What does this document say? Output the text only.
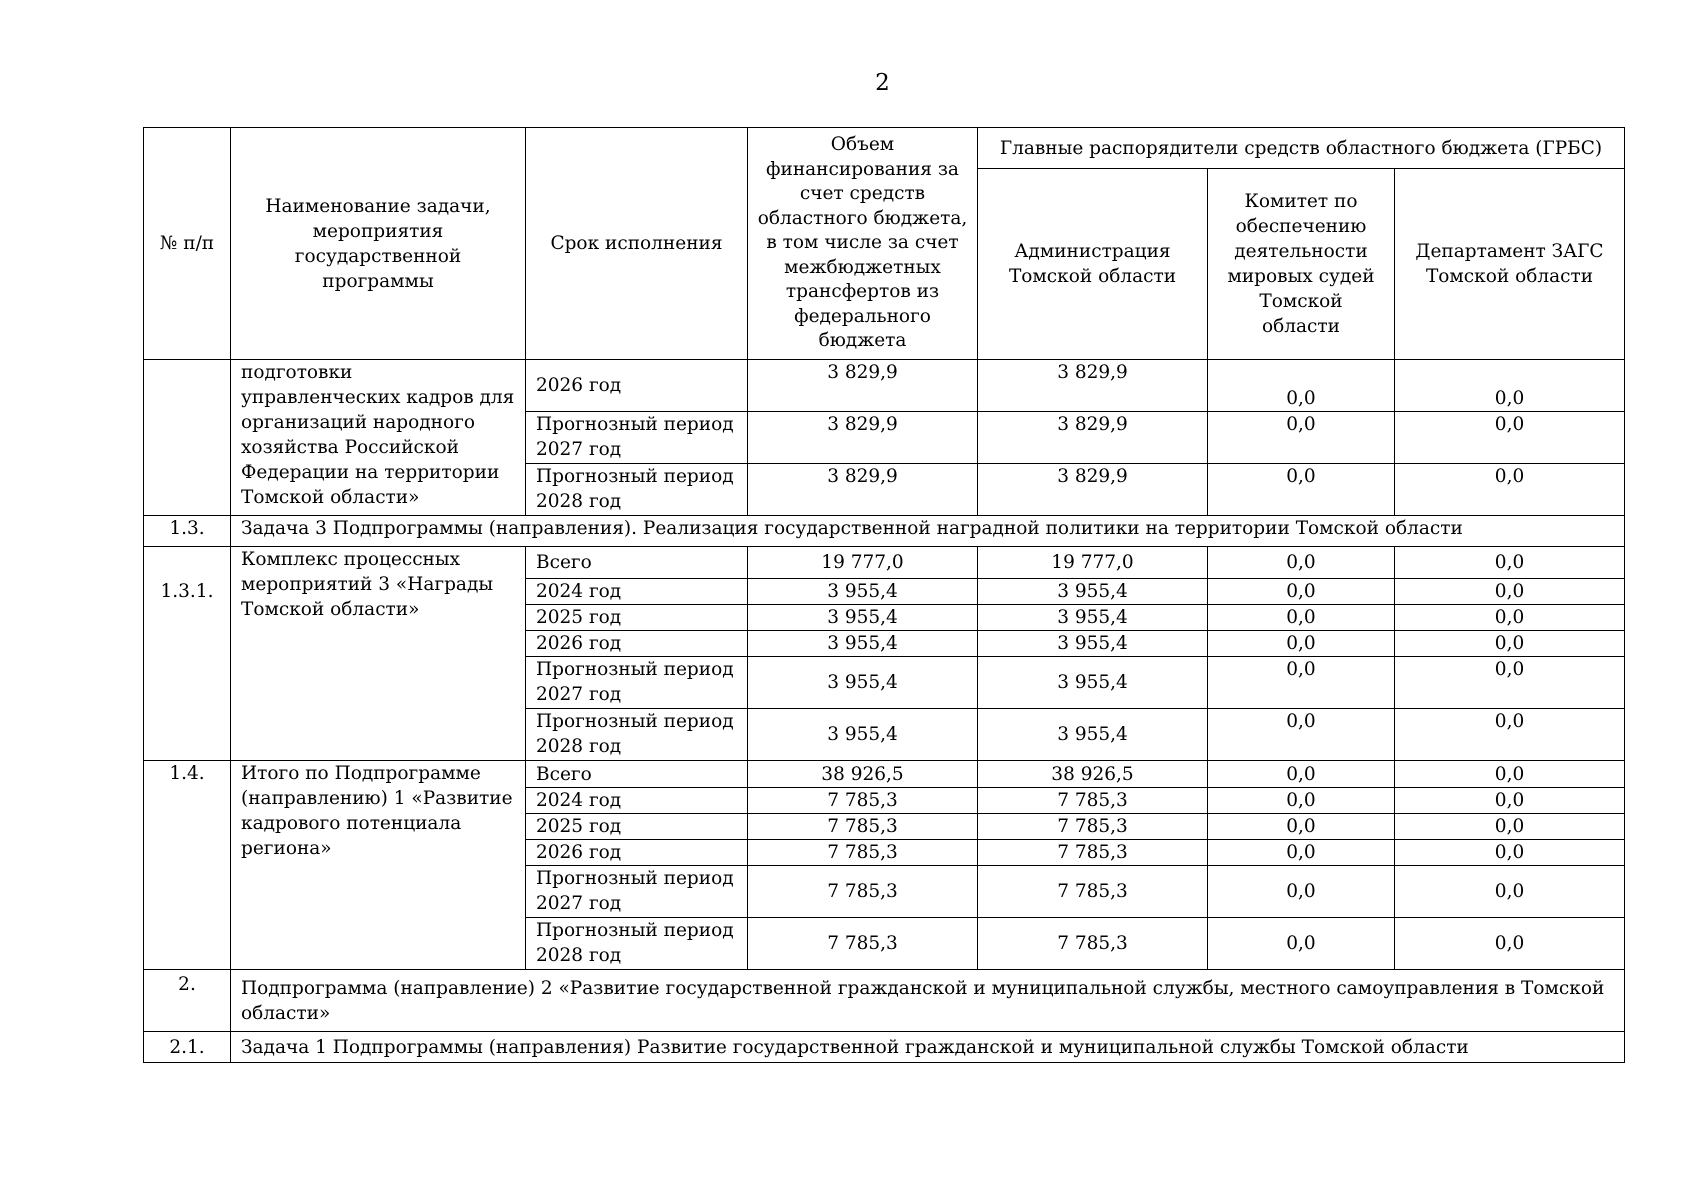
2
№ п/п	Наименование задачи, мероприятия государственной программы	Срок исполнения	Объем финансирования за счет средств областного бюджета, в том числе за счет межбюджетных трансфертов из федерального бюджета	Главные распорядители средств областного бюджета (ГРБС)		
				Администрация Томской области	Комитет по обеспечению деятельности мировых судей Томской области	Департамент ЗАГС Томской области
	подготовки управленческих кадров для организаций народного хозяйства Российской Федерации на территории Томской области»	2026 год	3 829,9	3 829,9	0,0	0,0
		Прогнозный период 2027 год	3 829,9	3 829,9	0,0	0,0
		Прогнозный период 2028 год	3 829,9	3 829,9	0,0	0,0
1.3.	Задача 3 Подпрограммы (направления). Реализация государственной наградной политики на территории Томской области					
1.3.1.	Комплекс процессных мероприятий 3 «Награды Томской области»	Всего	19 777,0	19 777,0	0,0	0,0
		2024 год	3 955,4	3 955,4	0,0	0,0
		2025 год	3 955,4	3 955,4	0,0	0,0
		2026 год	3 955,4	3 955,4	0,0	0,0
		Прогнозный период 2027 год	3 955,4	3 955,4	0,0	0,0
		Прогнозный период 2028 год	3 955,4	3 955,4	0,0	0,0
1.4.	Итого по Подпрограмме (направлению) 1 «Развитие кадрового потенциала региона»	Всего	38 926,5	38 926,5	0,0	0,0
		2024 год	7 785,3	7 785,3	0,0	0,0
		2025 год	7 785,3	7 785,3	0,0	0,0
		2026 год	7 785,3	7 785,3	0,0	0,0
		Прогнозный период 2027 год	7 785,3	7 785,3	0,0	0,0
		Прогнозный период 2028 год	7 785,3	7 785,3	0,0	0,0
2.	Подпрограмма (направление) 2 «Развитие государственной гражданской и муниципальной службы, местного самоуправления в Томской области»					
2.1.	Задача 1 Подпрограммы (направления) Развитие государственной гражданской и муниципальной службы Томской области					
